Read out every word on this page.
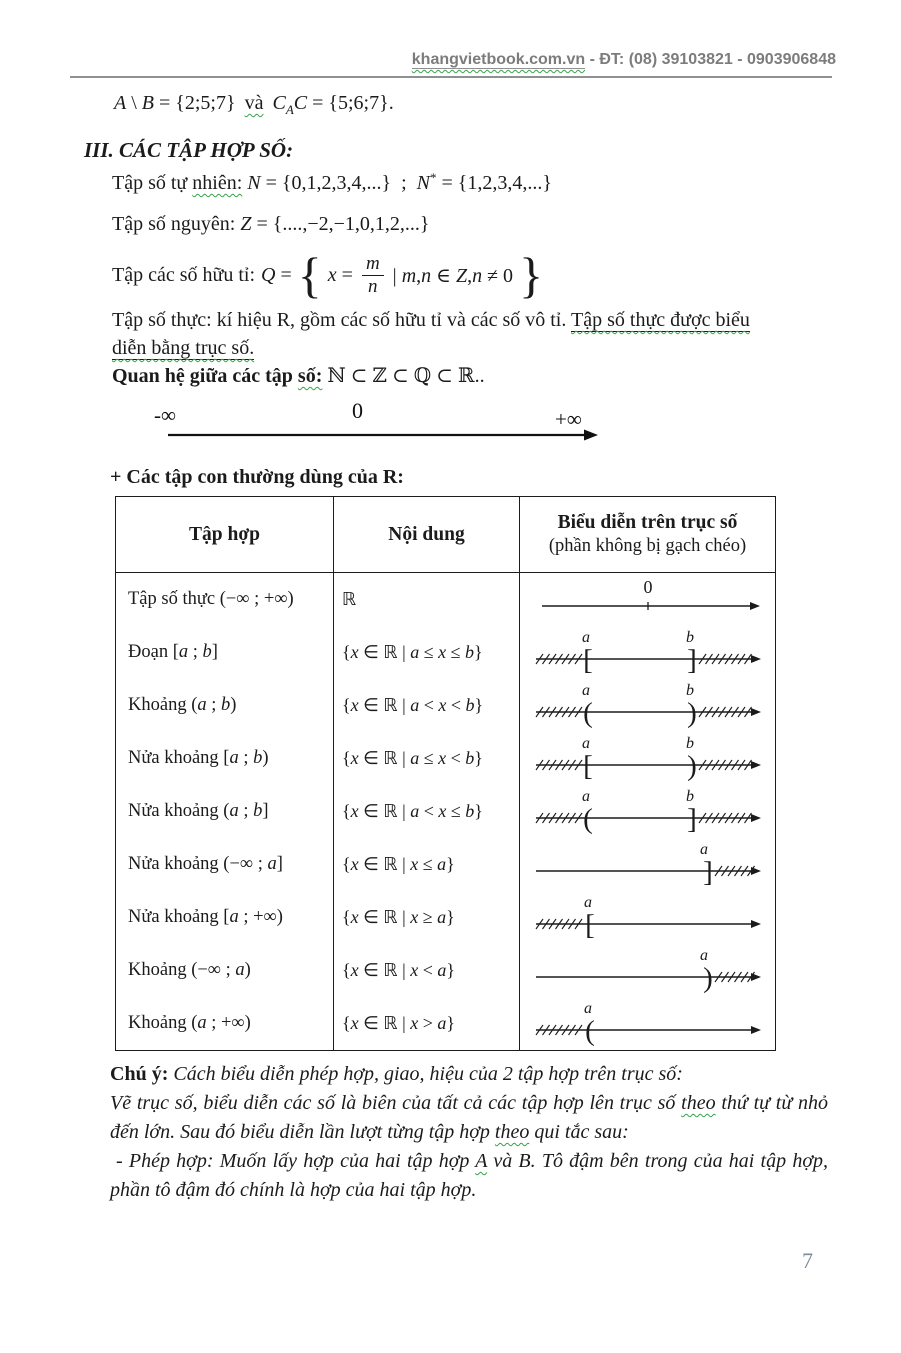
khangvietbook.com.vn - ĐT: (08) 39103821 - 0903906848
A \ B = {2;5;7} và $C_AC$ = {5;6;7}.
III. CÁC TẬP HỢP SỐ:
Tập số tự nhiên: N = {0,1,2,3,4,...} ; N* = {1,2,3,4,...}
Tập số nguyên: Z = {....,−2,−1,0,1,2,...}
Tập các số hữu tỉ: Q = { $x = \frac{m}{n}$ | m,n ∈ Z,n ≠ 0 }
Tập số thực: kí hiệu R, gồm các số hữu tỉ và các số vô tỉ. Tập số thực được biểu
diễn bằng trục số.
Quan hệ giữa các tập số: ℕ ⊂ ℤ ⊂ ℚ ⊂ ℝ..
-∞	0	+∞
+ Các tập con thường dùng của R:
Tập hợp	Nội dung	Biểu diễn trên trục số
(phần không bị gạch chéo)

Tập số thực (−∞ ; +∞)	ℝ	0

Đoạn [a ; b]	{x ∈ ℝ | a ≤ x ≤ b}	[ ]
a b

Khoảng (a ; b)	{x ∈ ℝ | a < x < b}	( )
a b

Nửa khoảng [a ; b)	{x ∈ ℝ | a ≤ x < b}	[ )
a b

Nửa khoảng (a ; b]	{x ∈ ℝ | a < x ≤ b}	( ]
a b

Nửa khoảng (−∞ ; a]	{x ∈ ℝ | x ≤ a}	]
a

Nửa khoảng [a ; +∞)	{x ∈ ℝ | x ≥ a}	[
a

Khoảng (−∞ ; a)	{x ∈ ℝ | x < a}	)
a

Khoảng (a ; +∞)	{x ∈ ℝ | x > a}	(
a
Chú ý: Cách biểu diễn phép hợp, giao, hiệu của 2 tập hợp trên trục số:
Vẽ trục số, biểu diễn các số là biên của tất cả các tập hợp lên trục số theo thứ tự từ nhỏ đến lớn. Sau đó biểu diễn lần lượt từng tập hợp theo qui tắc sau:
- Phép hợp: Muốn lấy hợp của hai tập hợp A và B. Tô đậm bên trong của hai tập hợp, phần tô đậm đó chính là hợp của hai tập hợp.
7
